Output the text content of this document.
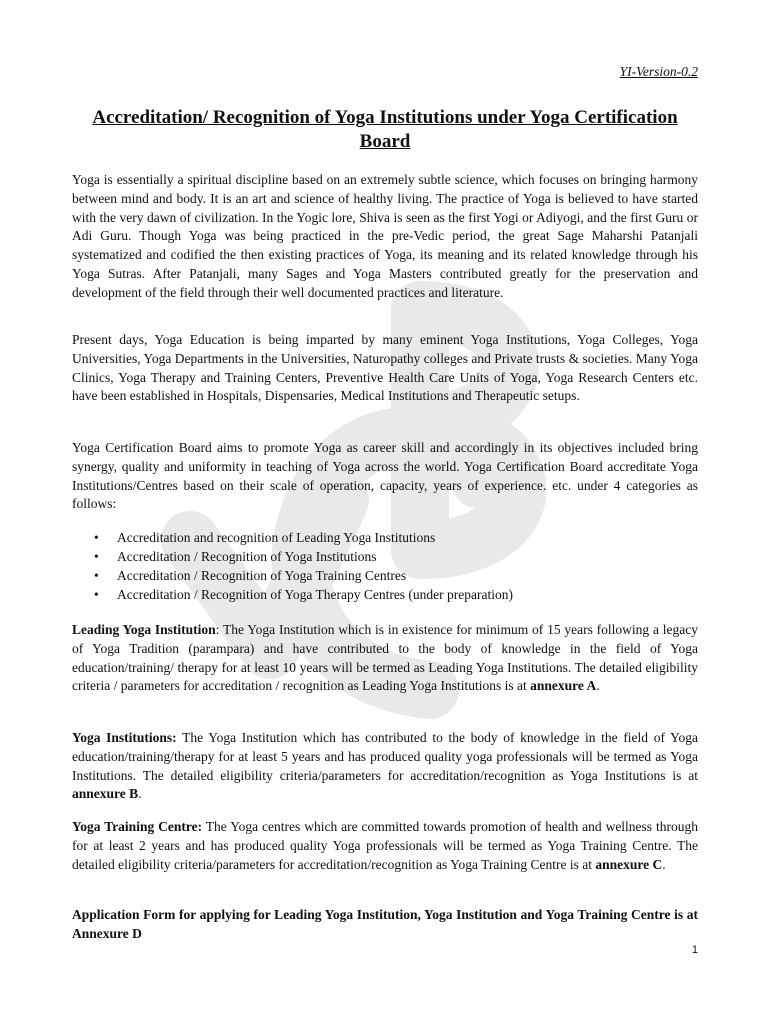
YI-Version-0.2
Accreditation/ Recognition of Yoga Institutions under Yoga Certification Board

Yoga is essentially a spiritual discipline based on an extremely subtle science, which focuses on bringing harmony between mind and body. It is an art and science of healthy living. The practice of Yoga is believed to have started with the very dawn of civilization. In the Yogic lore, Shiva is seen as the first Yogi or Adiyogi, and the first Guru or Adi Guru. Though Yoga was being practiced in the pre-Vedic period, the great Sage Maharshi Patanjali systematized and codified the then existing practices of Yoga, its meaning and its related knowledge through his Yoga Sutras. After Patanjali, many Sages and Yoga Masters contributed greatly for the preservation and development of the field through their well documented practices and literature.

Present days, Yoga Education is being imparted by many eminent Yoga Institutions, Yoga Colleges, Yoga Universities, Yoga Departments in the Universities, Naturopathy colleges and Private trusts & societies. Many Yoga Clinics, Yoga Therapy and Training Centers, Preventive Health Care Units of Yoga, Yoga Research Centers etc. have been established in Hospitals, Dispensaries, Medical Institutions and Therapeutic setups.

Yoga Certification Board aims to promote Yoga as career skill and accordingly in its objectives included bring synergy, quality and uniformity in teaching of Yoga across the world. Yoga Certification Board accreditate Yoga Institutions/Centres based on their scale of operation, capacity, years of experience. etc. under 4 categories as follows:

• Accreditation and recognition of Leading Yoga Institutions
• Accreditation / Recognition of Yoga Institutions
• Accreditation / Recognition of Yoga Training Centres
• Accreditation / Recognition of Yoga Therapy Centres (under preparation)

Leading Yoga Institution: The Yoga Institution which is in existence for minimum of 15 years following a legacy of Yoga Tradition (parampara) and have contributed to the body of knowledge in the field of Yoga education/training/ therapy for at least 10 years will be termed as Leading Yoga Institutions. The detailed eligibility criteria / parameters for accreditation / recognition as Leading Yoga Institutions is at annexure A.

Yoga Institutions: The Yoga Institution which has contributed to the body of knowledge in the field of Yoga education/training/therapy for at least 5 years and has produced quality yoga professionals will be termed as Yoga Institutions. The detailed eligibility criteria/parameters for accreditation/recognition as Yoga Institutions is at annexure B.

Yoga Training Centre: The Yoga centres which are committed towards promotion of health and wellness through for at least 2 years and has produced quality Yoga professionals will be termed as Yoga Training Centre. The detailed eligibility criteria/parameters for accreditation/recognition as Yoga Training Centre is at annexure C.

Application Form for applying for Leading Yoga Institution, Yoga Institution and Yoga Training Centre is at Annexure D

1
